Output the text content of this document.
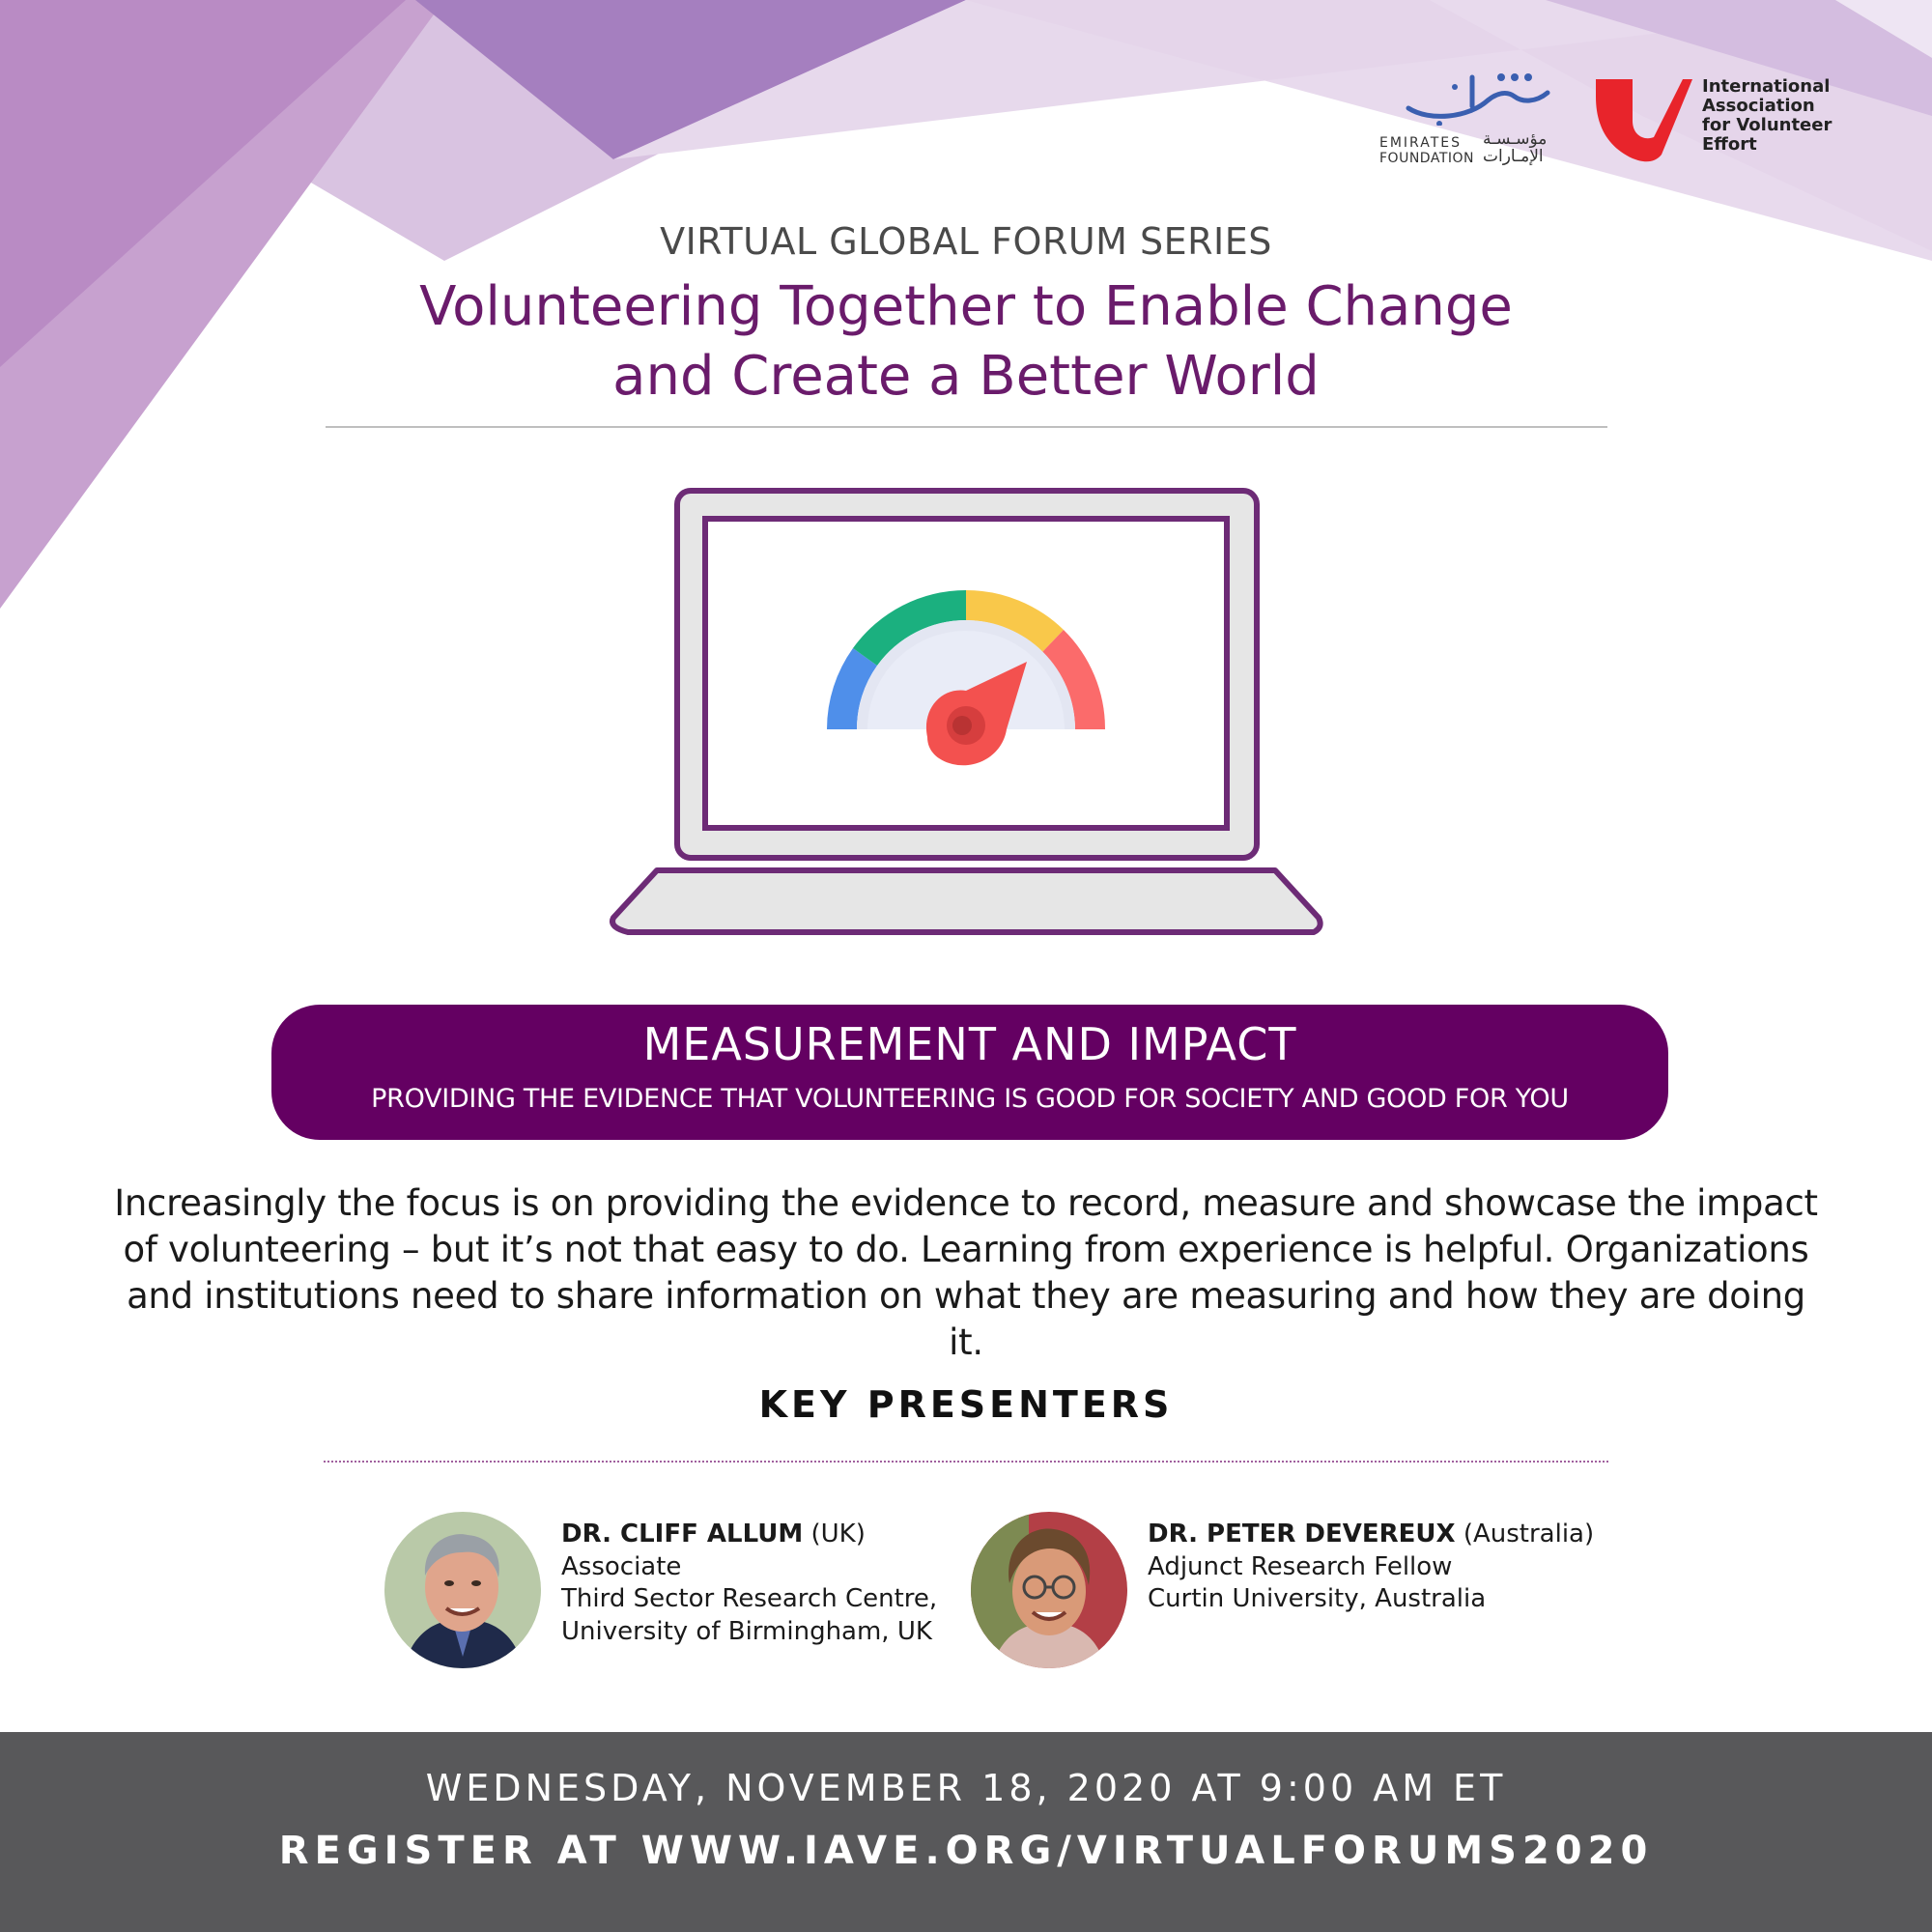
EMIRATES
FOUNDATION
مؤسـسـة
الإمـارات
International Association for Volunteer Effort
VIRTUAL GLOBAL FORUM SERIES
Volunteering Together to Enable Change
and Create a Better World
MEASUREMENT AND IMPACT
PROVIDING THE EVIDENCE THAT VOLUNTEERING IS GOOD FOR SOCIETY AND GOOD FOR YOU
Increasingly the focus is on providing the evidence to record, measure and showcase the impact of volunteering – but it’s not that easy to do. Learning from experience is helpful. Organizations and institutions need to share information on what they are measuring and how they are doing it.
KEY PRESENTERS
DR. CLIFF ALLUM (UK)
Associate
Third Sector Research Centre,
University of Birmingham, UK
DR. PETER DEVEREUX (Australia)
Adjunct Research Fellow
Curtin University, Australia
WEDNESDAY, NOVEMBER 18, 2020 AT 9:00 AM ET
REGISTER AT WWW.IAVE.ORG/VIRTUALFORUMS2020
